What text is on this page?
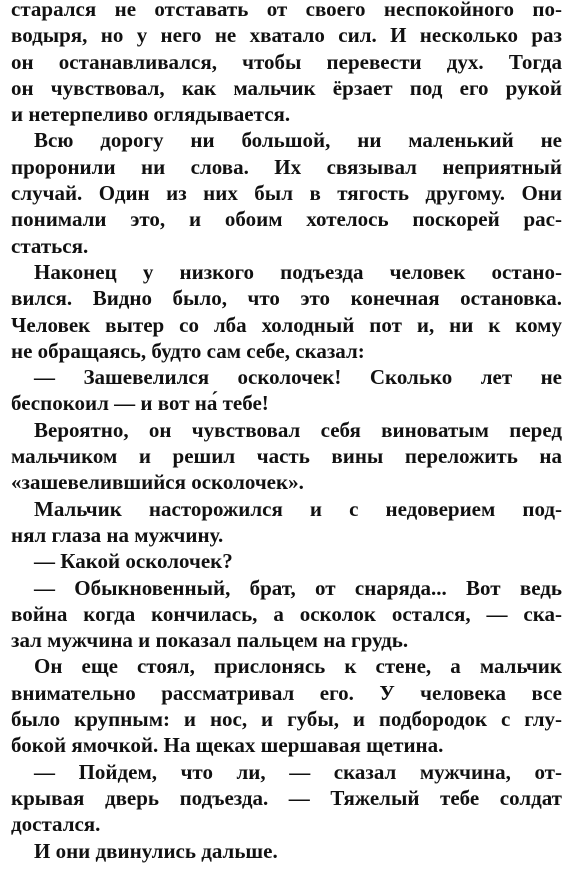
старался не отставать от своего неспокойного по-
водыря, но у него не хватало сил. И несколько раз
он останавливался, чтобы перевести дух. Тогда
он чувствовал, как мальчик ёрзает под его рукой
и нетерпеливо оглядывается.
Всю дорогу ни большой, ни маленький не
проронили ни слова. Их связывал неприятный
случай. Один из них был в тягость другому. Они
понимали это, и обоим хотелось поскорей рас-
статься.
Наконец у низкого подъезда человек остано-
вился. Видно было, что это конечная остановка.
Человек вытер со лба холодный пот и, ни к кому
не обращаясь, будто сам себе, сказал:
— Зашевелился осколочек! Сколько лет не
беспокоил — и вот на́ тебе!
Вероятно, он чувствовал себя виноватым перед
мальчиком и решил часть вины переложить на
«зашевелившийся осколочек».
Мальчик насторожился и с недоверием под-
нял глаза на мужчину.
— Какой осколочек?
— Обыкновенный, брат, от снаряда... Вот ведь
война когда кончилась, а осколок остался, — ска-
зал мужчина и показал пальцем на грудь.
Он еще стоял, прислонясь к стене, а мальчик
внимательно рассматривал его. У человека все
было крупным: и нос, и губы, и подбородок с глу-
бокой ямочкой. На щеках шершавая щетина.
— Пойдем, что ли, — сказал мужчина, от-
крывая дверь подъезда. — Тяжелый тебе солдат
достался.
И они двинулись дальше.
